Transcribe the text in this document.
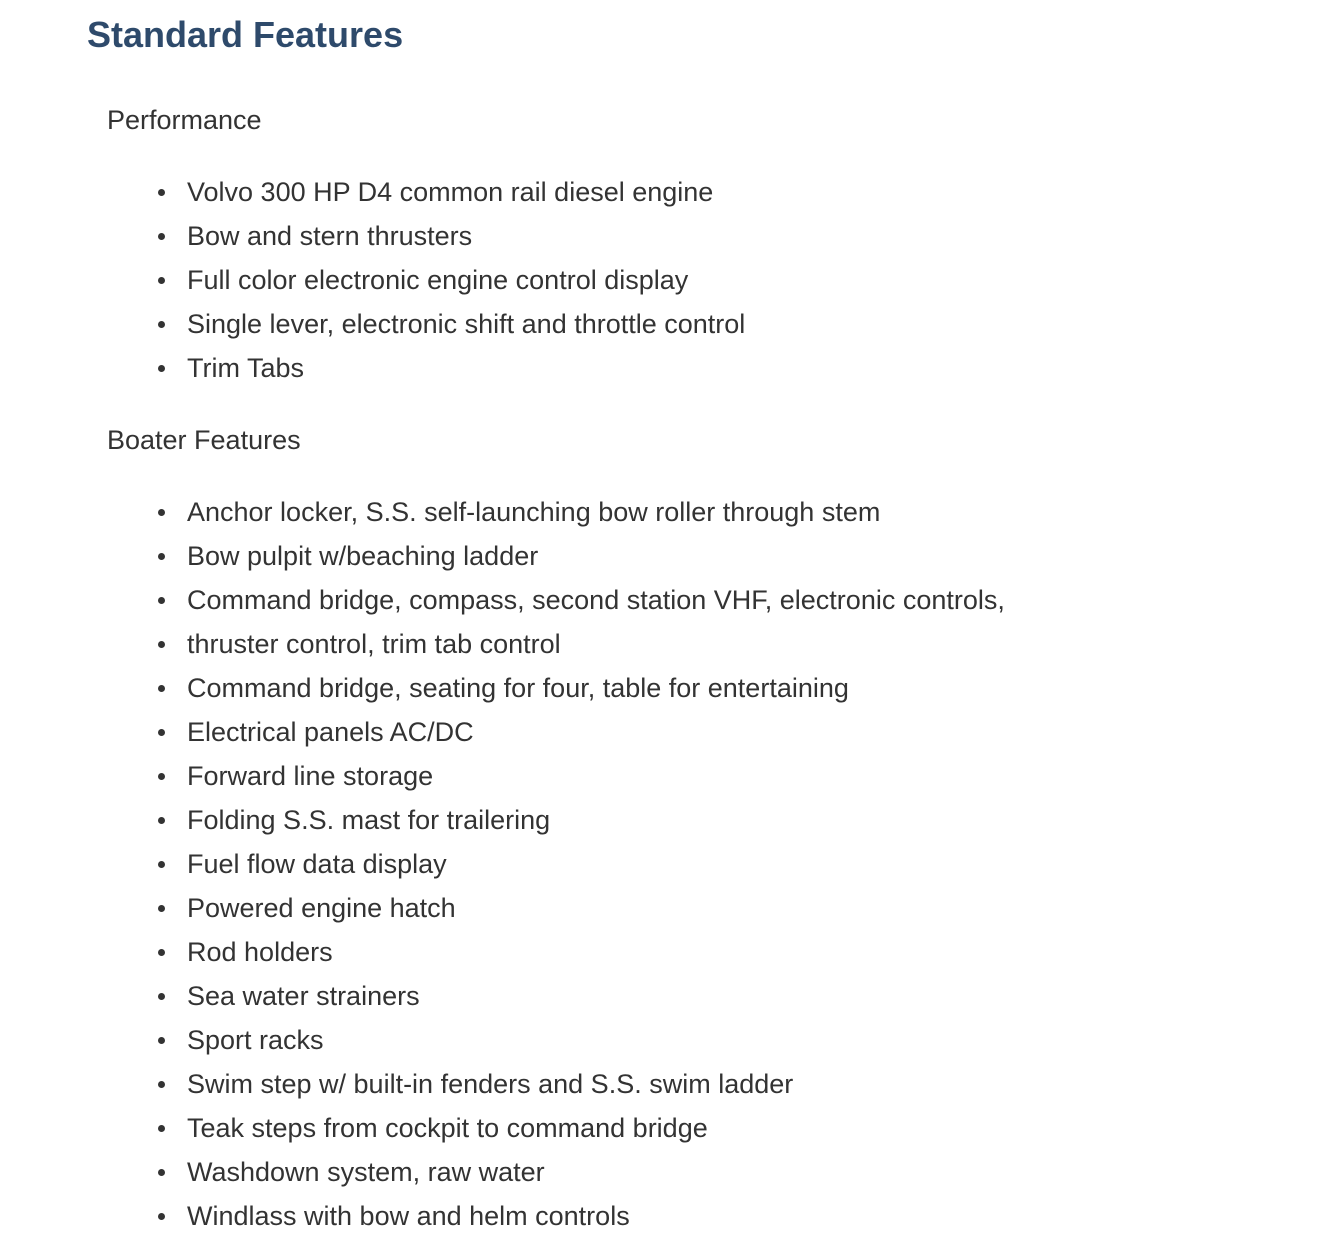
Standard Features
Performance
Volvo 300 HP D4 common rail diesel engine
Bow and stern thrusters
Full color electronic engine control display
Single lever, electronic shift and throttle control
Trim Tabs
Boater Features
Anchor locker, S.S. self-launching bow roller through stem
Bow pulpit w/beaching ladder
Command bridge, compass, second station VHF, electronic controls,
thruster control, trim tab control
Command bridge, seating for four, table for entertaining
Electrical panels AC/DC
Forward line storage
Folding S.S. mast for trailering
Fuel flow data display
Powered engine hatch
Rod holders
Sea water strainers
Sport racks
Swim step w/ built-in fenders and S.S. swim ladder
Teak steps from cockpit to command bridge
Washdown system, raw water
Windlass with bow and helm controls
